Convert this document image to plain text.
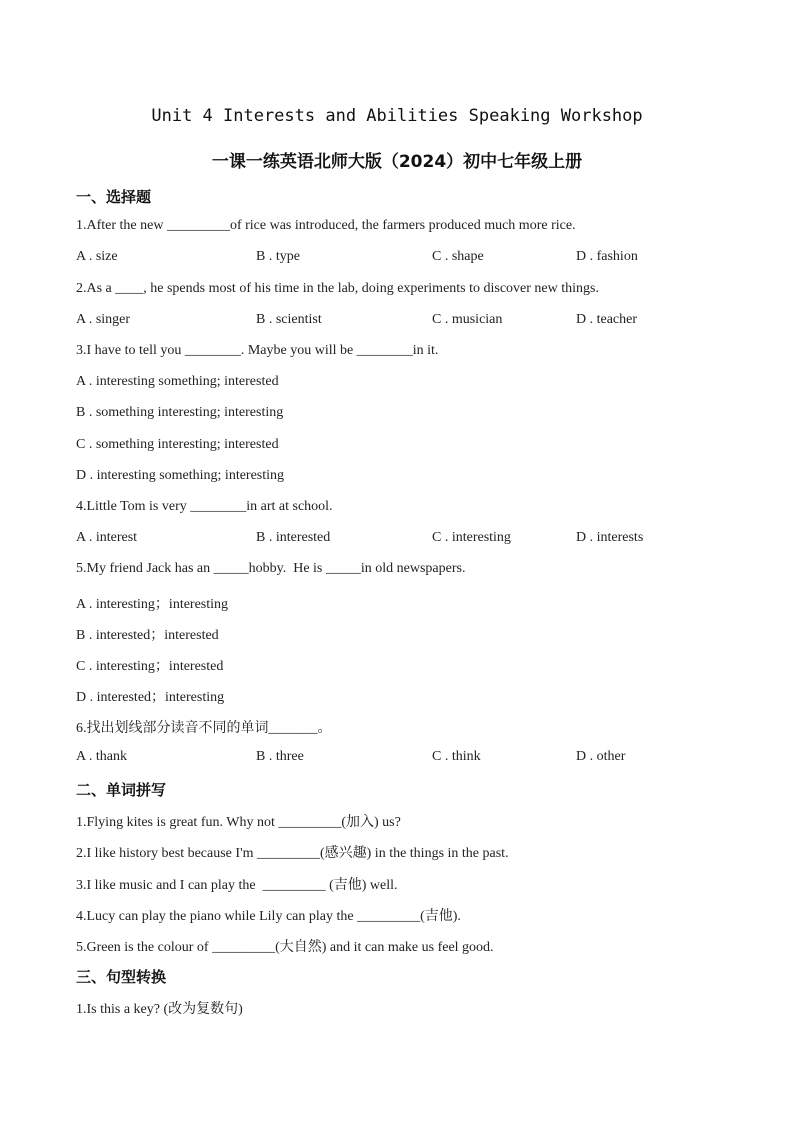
Unit 4 Interests and Abilities Speaking Workshop
一课一练英语北师大版（2024）初中七年级上册
一、选择题
1.After the new _________of rice was introduced, the farmers produced much more rice.
A . size	B . type	C . shape	D . fashion
2.As a ____, he spends most of his time in the lab, doing experiments to discover new things.
A . singer	B . scientist	C . musician	D . teacher
3.I have to tell you ________. Maybe you will be ________in it.
A . interesting something; interested
B . something interesting; interesting
C . something interesting; interested
D . interesting something; interesting
4.Little Tom is very ________in art at school.
A . interest	B . interested	C . interesting	D . interests
5.My friend Jack has an _____hobby.  He is _____in old newspapers.
A . interesting；interesting
B . interested；interested
C . interesting；interested
D . interested；interesting
6.找出划线部分读音不同的单词_______。
A . thank	B . three	C . think	D . other
二、单词拼写
1.Flying kites is great fun. Why not _________(加入) us?
2.I like history best because I'm _________(感兴趣) in the things in the past.
3.I like music and I can play the  _________ (吉他) well.
4.Lucy can play the piano while Lily can play the _________(吉他).
5.Green is the colour of _________(大自然) and it can make us feel good.
三、句型转换
1.Is this a key? (改为复数句)
